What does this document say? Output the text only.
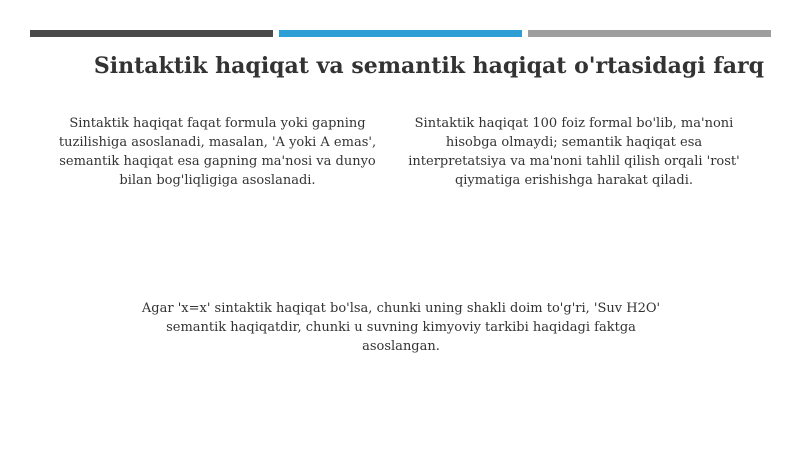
Sintaktik haqiqat va semantik haqiqat o'rtasidagi farq

Sintaktik haqiqat faqat formula yoki gapning tuzilishiga asoslanadi, masalan, 'A yoki A emas', semantik haqiqat esa gapning ma'nosi va dunyo bilan bog'liqligiga asoslanadi.

Sintaktik haqiqat 100 foiz formal bo'lib, ma'noni hisobga olmaydi; semantik haqiqat esa interpretatsiya va ma'noni tahlil qilish orqali 'rost' qiymatiga erishishga harakat qiladi.

Agar 'x=x' sintaktik haqiqat bo'lsa, chunki uning shakli doim to'g'ri, 'Suv H2O' semantik haqiqatdir, chunki u suvning kimyoviy tarkibi haqidagi faktga asoslangan.
